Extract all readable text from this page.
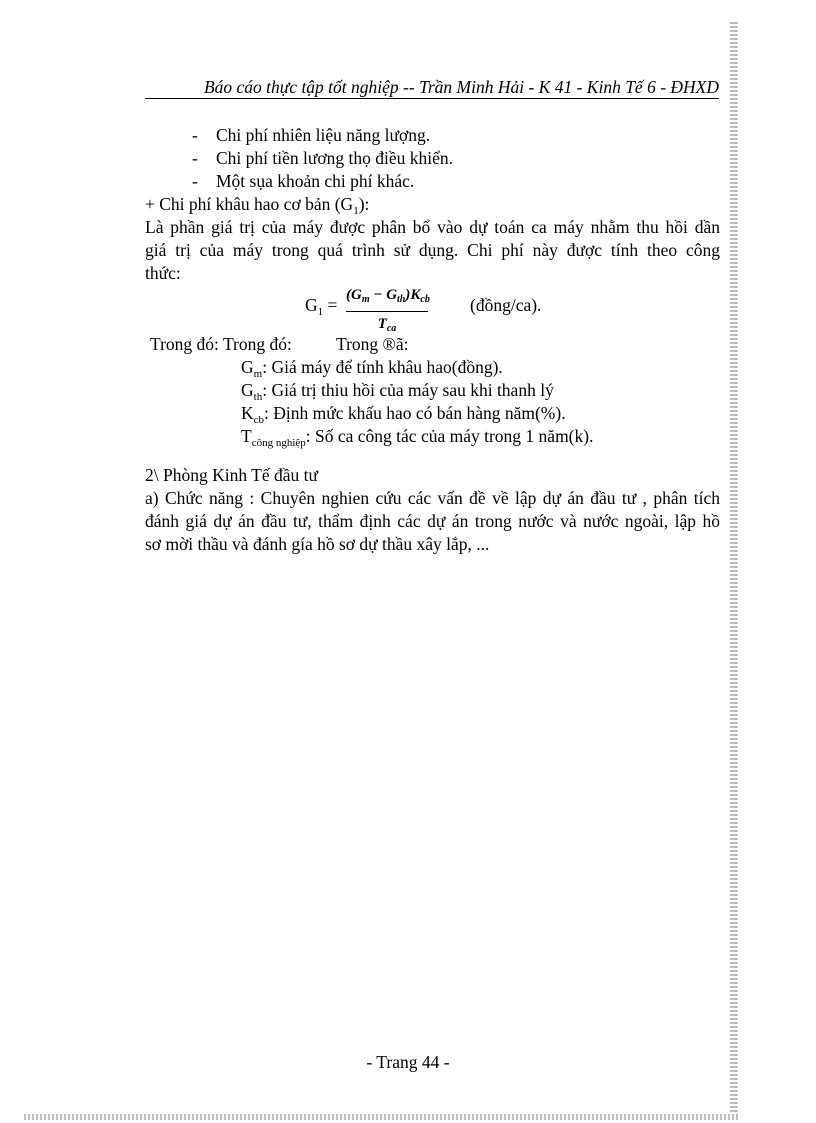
Báo cáo thực tập tốt nghiệp -- Trần Minh Hải - K 41 - Kinh Tế 6 - ĐHXD
- Chi phí nhiên liệu năng lượng.
- Chi phí tiền lương thọ điều khiển.
- Một sụa khoản chi phí khác.
+ Chi phí khâu hao cơ bản $(G_1)$:
Là phần giá trị của máy được phân bổ vào dự toán ca máy nhằm thu hồi dần
giá trị của máy trong quá trình sử dụng. Chi phí này được tính theo công
thức:
$G_1 = (G_m - G_{th})K_{cb}$
$T_{ca}$
(đồng/ca).
Trong đó: Trong đó:	Trong ®ã:
$G_m$: Giá máy để tính khâu hao(đồng).
$G_{th}$: Giá trị thiu hồi của máy sau khi thanh lý
$K_{cb}$: Định mức khấu hao có bán hàng năm(%).
$T_{công nghiệp}$: Số ca công tác của máy trong 1 năm(k).
2\ Phòng Kinh Tế đầu tư
a) Chức năng : Chuyên nghien cứu các vấn đề về lập dự án đầu tư , phân tích
đánh giá dự án đầu tư, thẩm định các dự án trong nước và nước ngoài, lập hồ
sơ mời thầu và đánh gía hồ sơ dự thầu xây lắp, ...
- Trang 44 -
